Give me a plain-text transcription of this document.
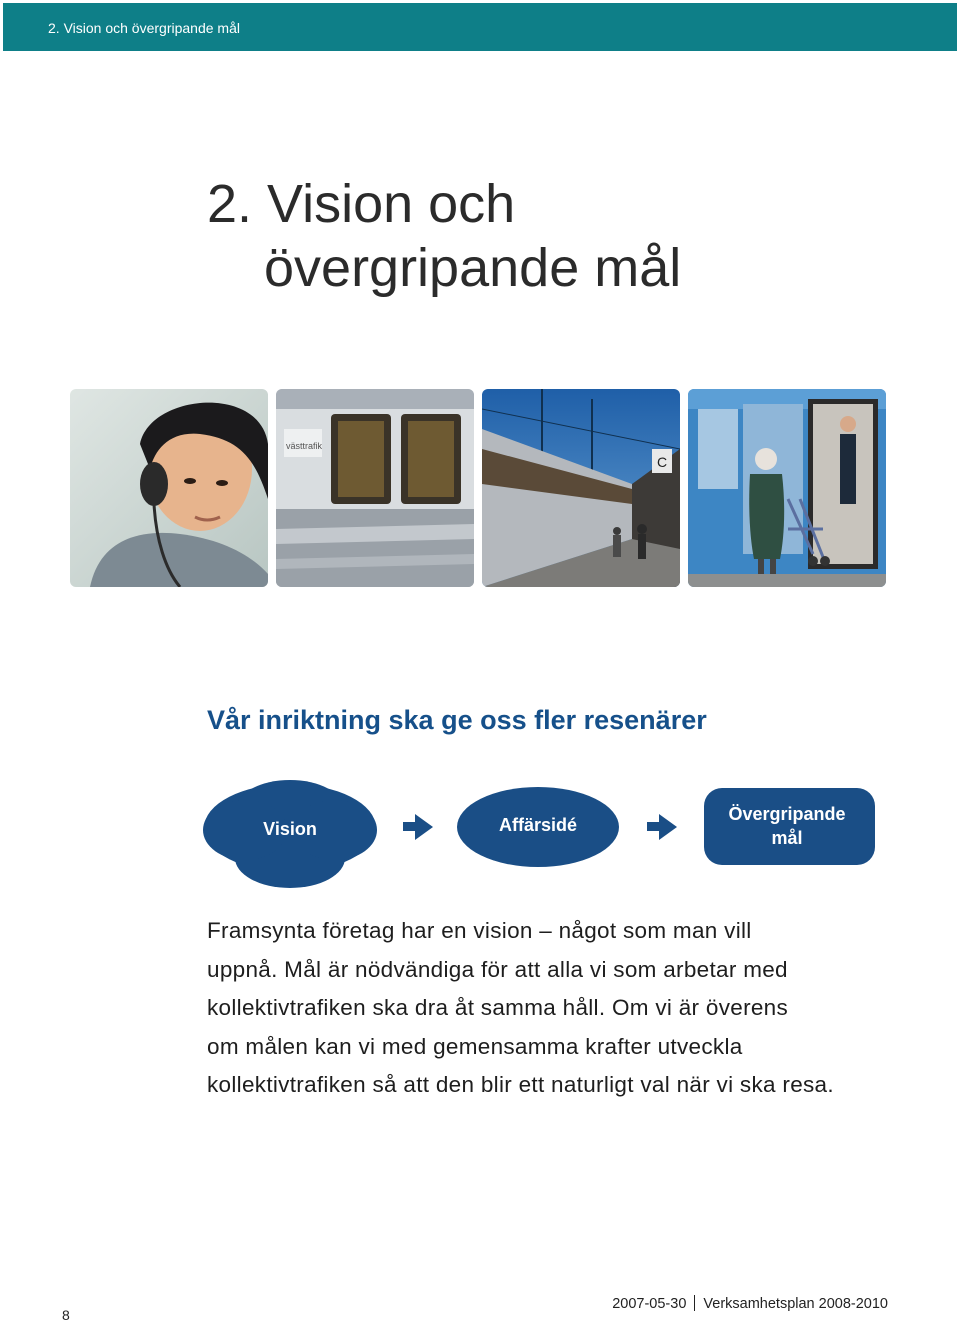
2. Vision och övergripande mål
2. Vision och
övergripande mål
västtrafik
C
Vår inriktning ska ge oss fler resenärer
Vision	Affärsidé
Övergripande
mål

Framsynta företag har en vision – något som man vill
uppnå. Mål är nödvändiga för att alla vi som arbetar med
kollektivtrafiken ska dra åt samma håll. Om vi är överens
om målen kan vi med gemensamma krafter utveckla
kollektivtrafiken så att den blir ett naturligt val när vi ska resa.

8
2007-05-30 Verksamhetsplan 2008-2010
